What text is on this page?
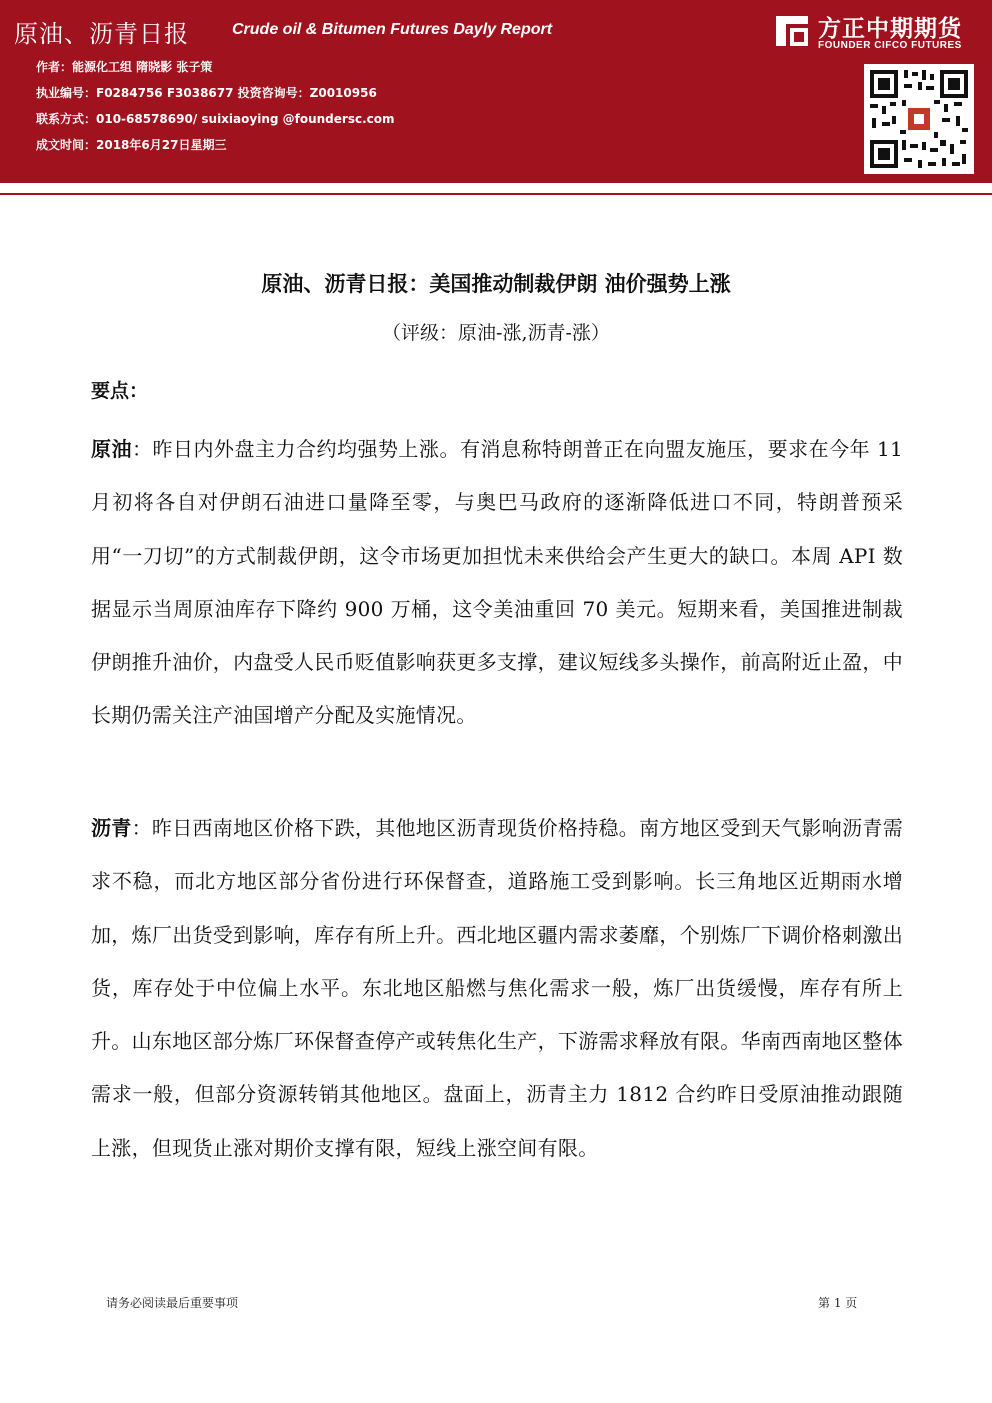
原油、沥青日报	Crude oil & Bitumen Futures Dayly Report
作者：能源化工组 隋晓影 张子策
执业编号：F0284756 F3038677 投资咨询号：Z0010956
联系方式：010-68578690/ suixiaoying @foundersc.com
成文时间：2018年6月27日星期三
方正中期期货
FOUNDER CIFCO FUTURES
原油、沥青日报：美国推动制裁伊朗 油价强势上涨
（评级：原油-涨,沥青-涨）
要点：
原油：昨日内外盘主力合约均强势上涨。有消息称特朗普正在向盟友施压，要求在今年 11 月初将各自对伊朗石油进口量降至零，与奥巴马政府的逐渐降低进口不同，特朗普预采用“一刀切”的方式制裁伊朗，这令市场更加担忧未来供给会产生更大的缺口。本周 API 数据显示当周原油库存下降约 900 万桶，这令美油重回 70 美元。短期来看，美国推进制裁伊朗推升油价，内盘受人民币贬值影响获更多支撑，建议短线多头操作，前高附近止盈，中长期仍需关注产油国增产分配及实施情况。
沥青：昨日西南地区价格下跌，其他地区沥青现货价格持稳。南方地区受到天气影响沥青需求不稳，而北方地区部分省份进行环保督查，道路施工受到影响。长三角地区近期雨水增加，炼厂出货受到影响，库存有所上升。西北地区疆内需求萎靡，个别炼厂下调价格刺激出货，库存处于中位偏上水平。东北地区船燃与焦化需求一般，炼厂出货缓慢，库存有所上升。山东地区部分炼厂环保督查停产或转焦化生产，下游需求释放有限。华南西南地区整体需求一般，但部分资源转销其他地区。盘面上，沥青主力 1812 合约昨日受原油推动跟随上涨，但现货止涨对期价支撑有限，短线上涨空间有限。
请务必阅读最后重要事项	第 1 页
